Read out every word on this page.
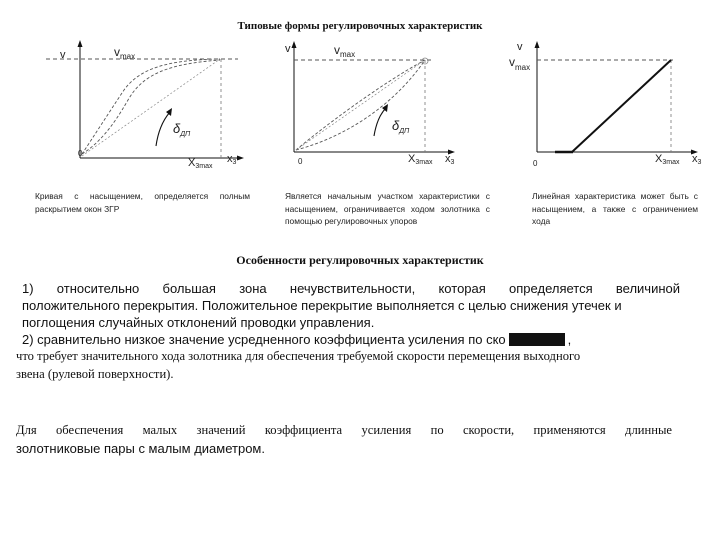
Типовые формы регулировочных характеристик
v	$v_{max}$
0
$\delta_{ДП}$
X3max
x3
v	$v_{max}$
0
$\delta_{ДП}$
X3max x3
v
$v_{max}$
0	X3max x3
Кривая с насыщением, определяется полным раскрытием окон ЗГР
Является начальным участком характеристики с насыщением, ограничивается ходом золотника с помощью регулировочных упоров
Линейная характеристика может быть с насыщением, а также с ограничением хода
Особенности регулировочных характеристик
1) относительно большая зона нечувствительности, которая определяется величиной
положительного перекрытия. Положительное перекрытие выполняется с целью снижения утечек и
поглощения случайных отклонений проводки управления.
2) сравнительно низкое значение усредненного коэффициента усиления по ско	,
что требует значительного хода золотника для обеспечения требуемой скорости перемещения выходного
звена (рулевой поверхности).
Для обеспечения малых значений коэффициента усиления по скорости, применяются длинные
золотниковые пары с малым диаметром.
